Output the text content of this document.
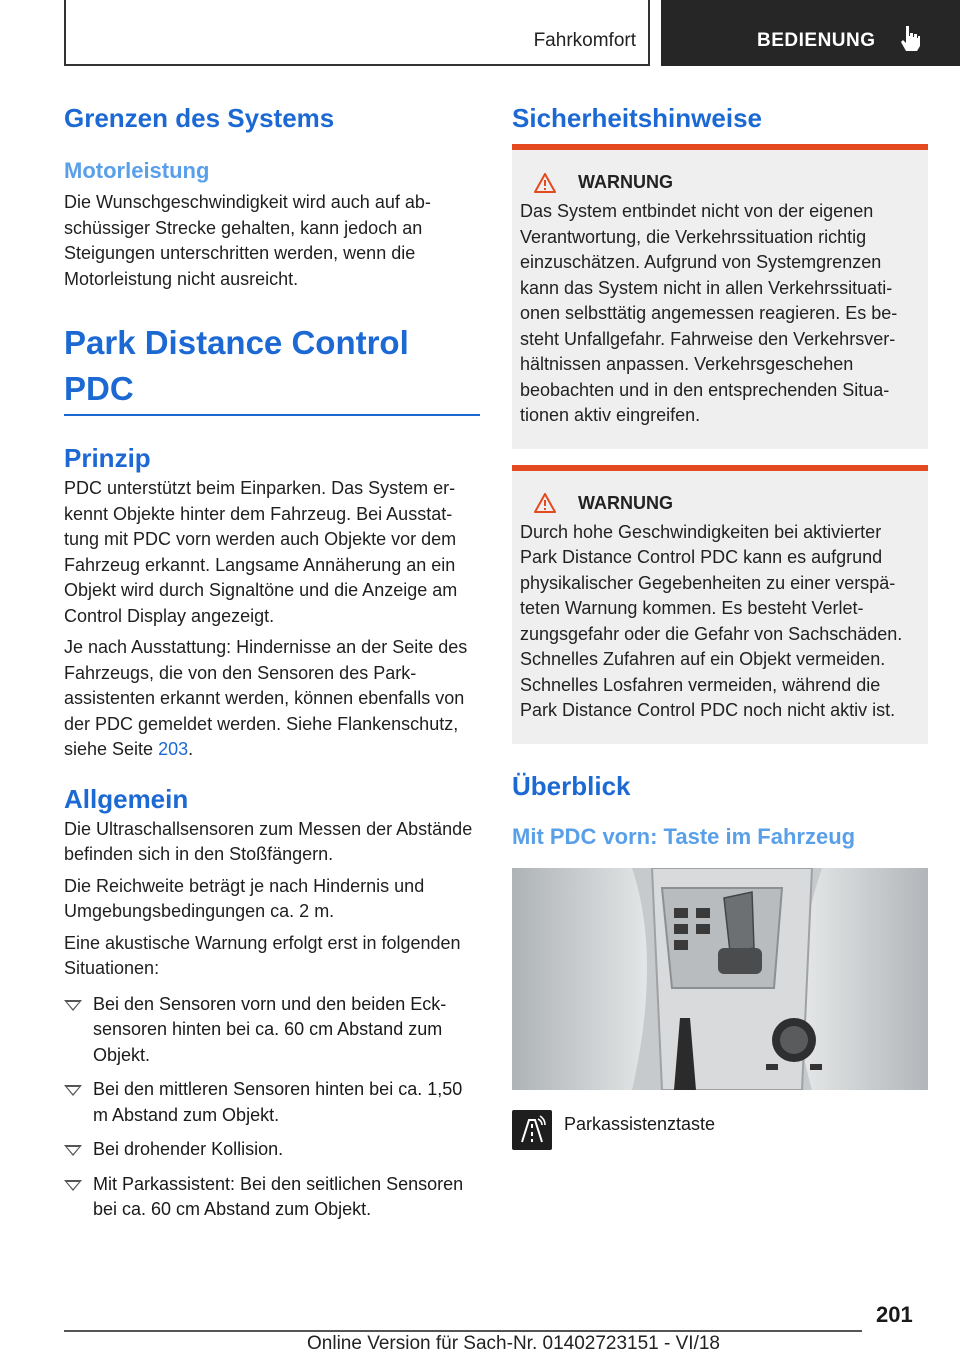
Fahrkomfort	BEDIENUNG
Grenzen des Systems
Motorleistung

Die Wunschgeschwindigkeit wird auch auf abschüssiger Strecke gehalten, kann jedoch an Steigungen unterschritten werden, wenn die Motorleistung nicht ausreicht.

Park Distance Control PDC
Prinzip

PDC unterstützt beim Einparken. Das System erkennt Objekte hinter dem Fahrzeug. Bei Ausstattung mit PDC vorn werden auch Objekte vor dem Fahrzeug erkannt. Langsame Annäherung an ein Objekt wird durch Signaltöne und die Anzeige am Control Display angezeigt.

Je nach Ausstattung: Hindernisse an der Seite des Fahrzeugs, die von den Sensoren des Parkassistenten erkannt werden, können ebenfalls von der PDC gemeldet werden. Siehe Flankenschutz, siehe Seite 203.

Allgemein

Die Ultraschallsensoren zum Messen der Abstände befinden sich in den Stoßfängern.

Die Reichweite beträgt je nach Hindernis und Umgebungsbedingungen ca. 2 m.

Eine akustische Warnung erfolgt erst in folgenden Situationen:

Bei den Sensoren vorn und den beiden Ecksensoren hinten bei ca. 60 cm Abstand zum Objekt.
Bei den mittleren Sensoren hinten bei ca. 1,50 m Abstand zum Objekt.
Bei drohender Kollision.
Mit Parkassistent: Bei den seitlichen Sensoren bei ca. 60 cm Abstand zum Objekt.
Sicherheitshinweise
WARNUNG

Das System entbindet nicht von der eigenen Verantwortung, die Verkehrssituation richtig einzuschätzen. Aufgrund von Systemgrenzen kann das System nicht in allen Verkehrssituationen selbsttätig angemessen reagieren. Es besteht Unfallgefahr. Fahrweise den Verkehrsverhältnissen anpassen. Verkehrsgeschehen beobachten und in den entsprechenden Situationen aktiv eingreifen.

WARNUNG

Durch hohe Geschwindigkeiten bei aktivierter Park Distance Control PDC kann es aufgrund physikalischer Gegebenheiten zu einer verspäteten Warnung kommen. Es besteht Verletzungsgefahr oder die Gefahr von Sachschäden. Schnelles Zufahren auf ein Objekt vermeiden. Schnelles Losfahren vermeiden, während die Park Distance Control PDC noch nicht aktiv ist.

Überblick
Mit PDC vorn: Taste im Fahrzeug
Parkassistenztaste
201
Online Version für Sach-Nr. 01402723151 - VI/18
